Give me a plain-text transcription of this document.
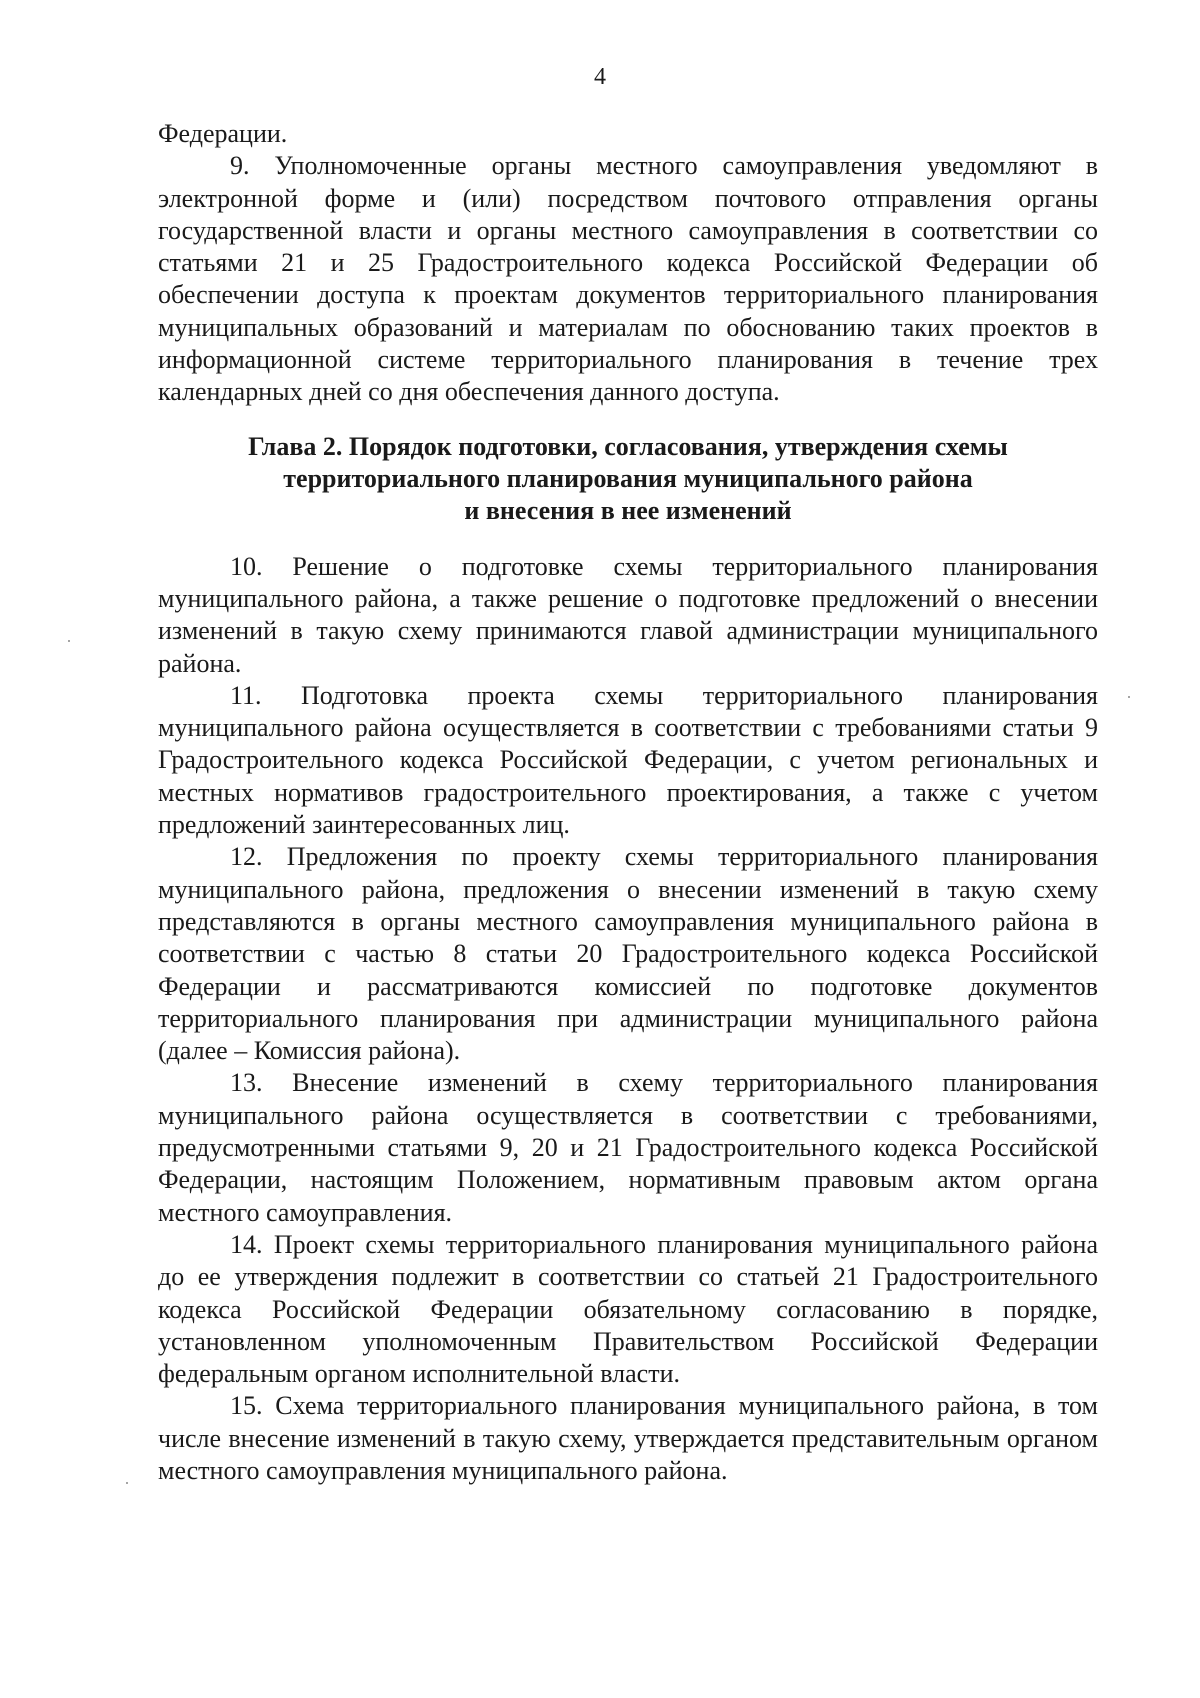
4

Федерации.

9. Уполномоченные органы местного самоуправления уведомляют в электронной форме и (или) посредством почтового отправления органы государственной власти и органы местного самоуправления в соответствии со статьями 21 и 25 Градостроительного кодекса Российской Федерации об обеспечении доступа к проектам документов территориального планирования муниципальных образований и материалам по обоснованию таких проектов в информационной системе территориального планирования в течение трех календарных дней со дня обеспечения данного доступа.

Глава 2. Порядок подготовки, согласования, утверждения схемы
территориального планирования муниципального района
и внесения в нее изменений

10. Решение о подготовке схемы территориального планирования муниципального района, а также решение о подготовке предложений о внесении изменений в такую схему принимаются главой администрации муниципального района.

11. Подготовка проекта схемы территориального планирования муниципального района осуществляется в соответствии с требованиями статьи 9 Градостроительного кодекса Российской Федерации, с учетом региональных и местных нормативов градостроительного проектирования, а также с учетом предложений заинтересованных лиц.

12. Предложения по проекту схемы территориального планирования муниципального района, предложения о внесении изменений в такую схему представляются в органы местного самоуправления муниципального района в соответствии с частью 8 статьи 20 Градостроительного кодекса Российской Федерации и рассматриваются комиссией по подготовке документов территориального планирования при администрации муниципального района (далее – Комиссия района).

13. Внесение изменений в схему территориального планирования муниципального района осуществляется в соответствии с требованиями, предусмотренными статьями 9, 20 и 21 Градостроительного кодекса Российской Федерации, настоящим Положением, нормативным правовым актом органа местного самоуправления.

14. Проект схемы территориального планирования муниципального района до ее утверждения подлежит в соответствии со статьей 21 Градостроительного кодекса Российской Федерации обязательному согласованию в порядке, установленном уполномоченным Правительством Российской Федерации федеральным органом исполнительной власти.

15. Схема территориального планирования муниципального района, в том числе внесение изменений в такую схему, утверждается представительным органом местного самоуправления муниципального района.
